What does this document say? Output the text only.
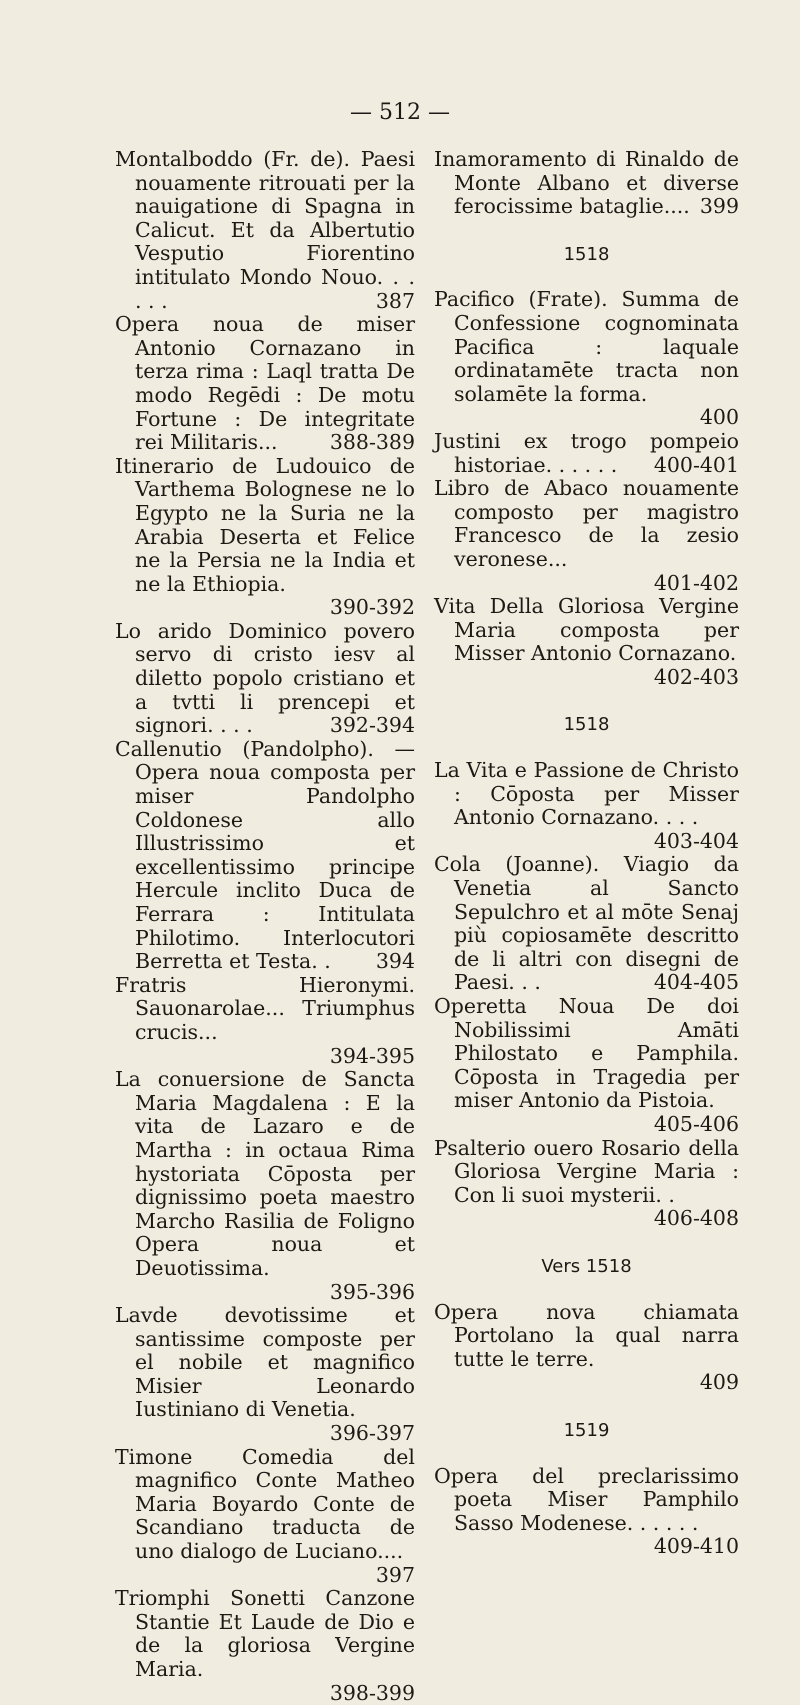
— 512 —
Montalboddo (Fr. de). Paesi nouamente ritrouati per la nauigatione di Spagna in Calicut. Et da Albertutio Vesputio Fiorentino intitulato Mondo Nouo. . . . . .	387
Opera noua de miser Antonio Cornazano in terza rima : Laql tratta De modo Regēdi : De motu Fortune : De integritate rei Militaris...	388-389
Itinerario de Ludouico de Varthema Bolognese ne lo Egypto ne la Suria ne la Arabia Deserta et Felice ne la Persia ne la India et ne la Ethiopia.
390-392
Lo arido Dominico povero servo di cristo iesv al diletto popolo cristiano et a tvtti li prencepi et signori. . . .	392-394
Callenutio (Pandolpho). — Opera noua composta per miser Pandolpho Coldonese allo Illustrissimo et excellentissimo principe Hercule inclito Duca de Ferrara : Intitulata Philotimo. Interlocutori Berretta et Testa. . 394
Fratris Hieronymi. Sauonarolae... Triumphus crucis...
394-395
La conuersione de Sancta Maria Magdalena : E la vita de Lazaro e de Martha : in octaua Rima hystoriata Cōposta per dignissimo poeta maestro Marcho Rasilia de Foligno Opera noua et Deuotissima.
395-396
Lavde devotissime et santissime composte per el nobile et magnifico Misier Leonardo Iustiniano di Venetia.
396-397
Timone Comedia del magnifico Conte Matheo Maria Boyardo Conte de Scandiano traducta de uno dialogo de Luciano....
397
Triomphi Sonetti Canzone Stantie Et Laude de Dio e de la gloriosa Vergine Maria.
398-399
Inamoramento di Rinaldo de Monte Albano et diverse ferocissime bataglie.... 399
1518
Pacifico (Frate). Summa de Confessione cognominata Pacifica : laquale ordinatamēte tracta non solamēte la forma.
400
Justini ex trogo pompeio historiae. . . . . . 400-401
Libro de Abaco nouamente composto per magistro Francesco de la zesio veronese...
401-402
Vita Della Gloriosa Vergine Maria composta per Misser Antonio Cornazano.
402-403
1518
La Vita e Passione de Christo : Cōposta per Misser Antonio Cornazano. . . .
403-404
Cola (Joanne). Viagio da Venetia al Sancto Sepulchro et al mōte Senaj più copiosamēte descritto de li altri con disegni de Paesi. . .	404-405
Operetta Noua De doi Nobilissimi Amāti Philostato e Pamphila. Cōposta in Tragedia per miser Antonio da Pistoia.
405-406
Psalterio ouero Rosario della Gloriosa Vergine Maria : Con li suoi mysterii. .
406-408
Vers 1518
Opera nova chiamata Portolano la qual narra tutte le terre.
409
1519
Opera del preclarissimo poeta Miser Pamphilo Sasso Modenese. . . . . .
409-410
